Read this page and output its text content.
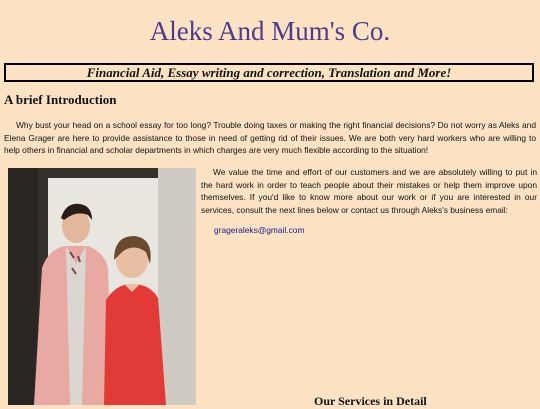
Aleks And Mum's Co.
Financial Aid, Essay writing and correction, Translation and More!
A brief Introduction
Why bust your head on a school essay for too long? Trouble doing taxes or making the right financial decisions? Do not worry as Aleks and Elena Grager are here to provide assistance to those in need of getting rid of their issues. We are both very hard workers who are willing to help others in financial and scholar departments in which charges are very much flexible according to the situation!
We value the time and effort of our customers and we are absolutely willing to put in the hard work in order to teach people about their mistakes or help them improve upon themselves. If you'd like to know more about our work or if you are interested in our services, consult the next lines below or contact us through Aleks's business email:
grageraleks@gmail.com
Our Services in Detail
